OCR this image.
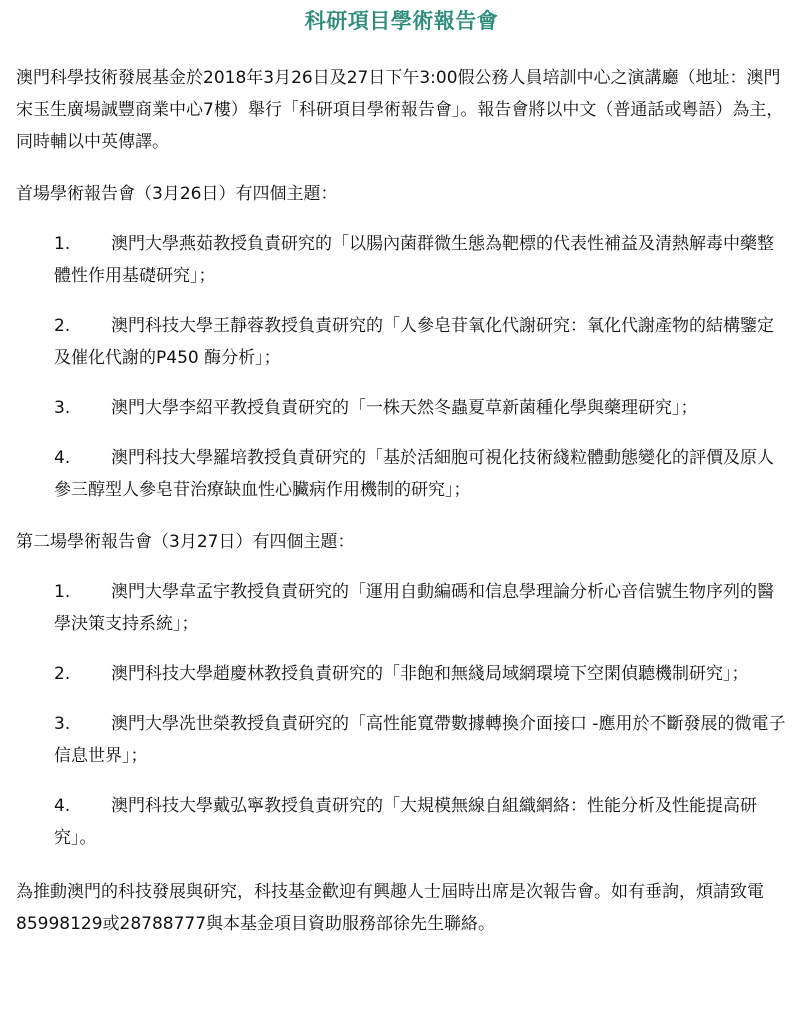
科研項目學術報告會

澳門科學技術發展基金於2018年3月26日及27日下午3:00假公務人員培訓中心之演講廳（地址：澳門宋玉生廣場誠豐商業中心7樓）舉行「科研項目學術報告會」。報告會將以中文（普通話或粵語）為主，同時輔以中英傳譯。

首場學術報告會（3月26日）有四個主題：

1. 澳門大學燕茹教授負責研究的「以腸內菌群微生態為靶標的代表性補益及清熱解毒中藥整體性作用基礎研究」；
2. 澳門科技大學王靜蓉教授負責研究的「人參皂苷氧化代謝研究：氧化代謝產物的結構鑒定及催化代謝的P450 酶分析」；
3. 澳門大學李紹平教授負責研究的「一株天然冬蟲夏草新菌種化學與藥理研究」；
4. 澳門科技大學羅培教授負責研究的「基於活細胞可視化技術綫粒體動態變化的評價及原人參三醇型人參皂苷治療缺血性心臟病作用機制的研究」；

第二場學術報告會（3月27日）有四個主題：

1. 澳門大學韋孟宇教授負責研究的「運用自動編碼和信息學理論分析心音信號生物序列的醫學決策支持系統」；
2. 澳門科技大學趙慶林教授負責研究的「非飽和無綫局域網環境下空閑偵聽機制研究」；
3. 澳門大學冼世榮教授負責研究的「高性能寬帶數據轉換介面接口 -應用於不斷發展的微電子信息世界」；
4. 澳門科技大學戴弘寧教授負責研究的「大規模無線自組織網絡：性能分析及性能提高研究」。

為推動澳門的科技發展與研究，科技基金歡迎有興趣人士屆時出席是次報告會。如有垂詢，煩請致電85998129或28788777與本基金項目資助服務部徐先生聯絡。
